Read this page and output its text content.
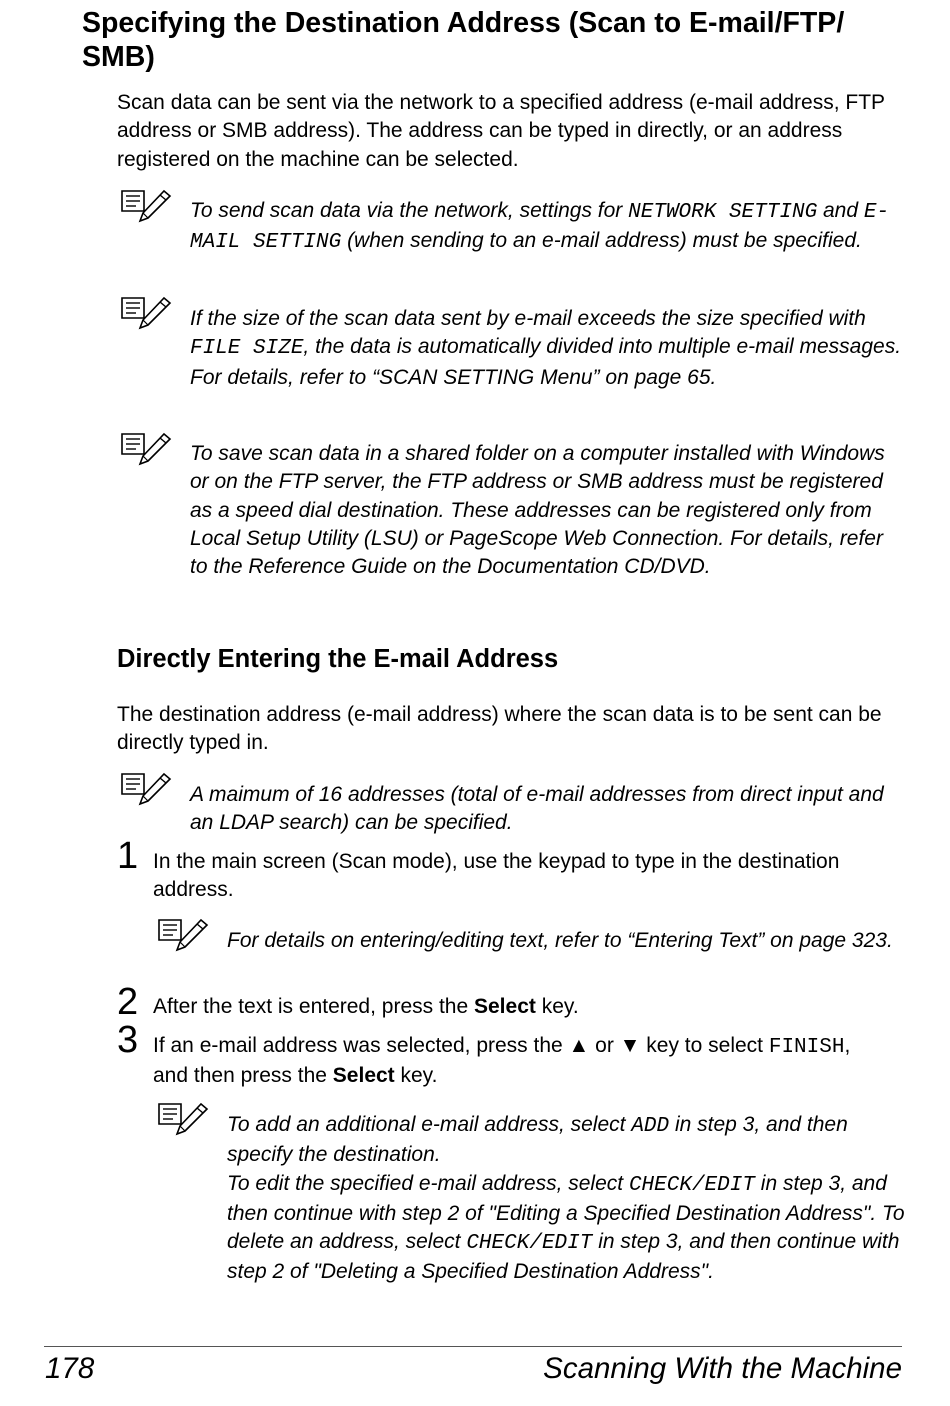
Specifying the Destination Address (Scan to E-mail/FTP/ SMB)

Scan data can be sent via the network to a specified address (e-mail address, FTP address or SMB address). The address can be typed in directly, or an address registered on the machine can be selected.

To send scan data via the network, settings for NETWORK SETTING and E-MAIL SETTING (when sending to an e-mail address) must be specified.

If the size of the scan data sent by e-mail exceeds the size specified with FILE SIZE, the data is automatically divided into multiple e-mail messages. For details, refer to “SCAN SETTING Menu” on page 65.

To save scan data in a shared folder on a computer installed with Windows or on the FTP server, the FTP address or SMB address must be registered as a speed dial destination. These addresses can be registered only from Local Setup Utility (LSU) or PageScope Web Connection. For details, refer to the Reference Guide on the Documentation CD/DVD.

Directly Entering the E-mail Address

The destination address (e-mail address) where the scan data is to be sent can be directly typed in.

A maimum of 16 addresses (total of e-mail addresses from direct input and an LDAP search) can be specified.

1 In the main screen (Scan mode), use the keypad to type in the destination address.

For details on entering/editing text, refer to “Entering Text” on page 323.

2 After the text is entered, press the Select key.

3 If an e-mail address was selected, press the ▲ or ▼ key to select FINISH, and then press the Select key.

To add an additional e-mail address, select ADD in step 3, and then specify the destination.
To edit the specified e-mail address, select CHECK/EDIT in step 3, and then continue with step 2 of "Editing a Specified Destination Address". To delete an address, select CHECK/EDIT in step 3, and then continue with step 2 of "Deleting a Specified Destination Address".
178	Scanning With the Machine
